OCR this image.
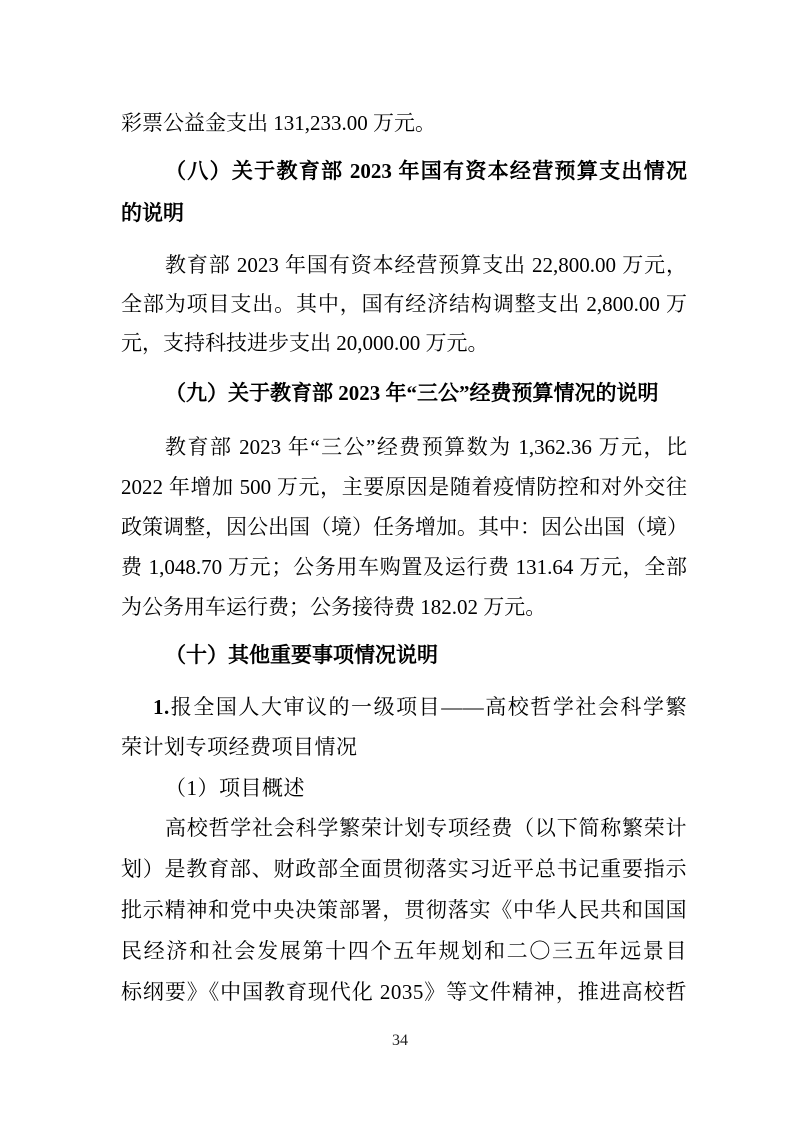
彩票公益金支出 131,233.00 万元。
（八）关于教育部 2023 年国有资本经营预算支出情况
的说明
教育部 2023 年国有资本经营预算支出 22,800.00 万元，
全部为项目支出。其中，国有经济结构调整支出 2,800.00 万
元，支持科技进步支出 20,000.00 万元。
（九）关于教育部 2023 年“三公”经费预算情况的说明
教育部 2023 年“三公”经费预算数为 1,362.36 万元，比
2022 年增加 500 万元，主要原因是随着疫情防控和对外交往
政策调整，因公出国（境）任务增加。其中：因公出国（境）
费 1,048.70 万元；公务用车购置及运行费 131.64 万元，全部
为公务用车运行费；公务接待费 182.02 万元。
（十）其他重要事项情况说明
1.报全国人大审议的一级项目——高校哲学社会科学繁
荣计划专项经费项目情况
（1）项目概述
高校哲学社会科学繁荣计划专项经费（以下简称繁荣计
划）是教育部、财政部全面贯彻落实习近平总书记重要指示
批示精神和党中央决策部署，贯彻落实《中华人民共和国国
民经济和社会发展第十四个五年规划和二〇三五年远景目
标纲要》《中国教育现代化 2035》等文件精神，推进高校哲
34
